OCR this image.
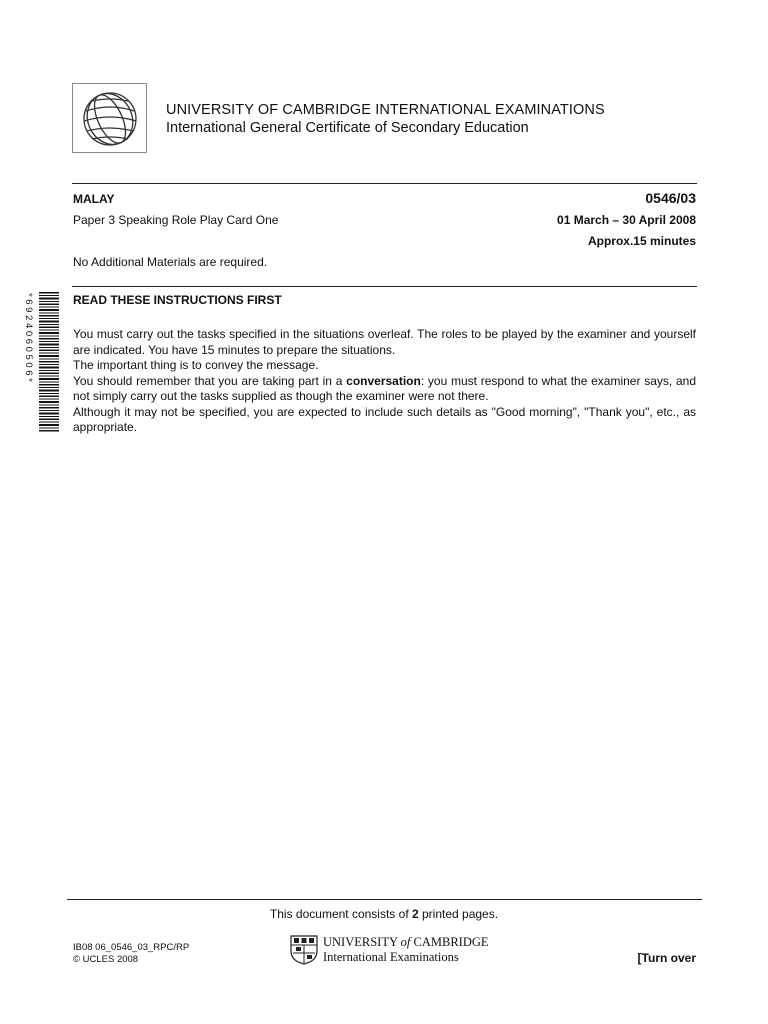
UNIVERSITY OF CAMBRIDGE INTERNATIONAL EXAMINATIONS
International General Certificate of Secondary Education
MALAY	0546/03
Paper 3 Speaking Role Play Card One	01 March – 30 April 2008
Approx.15 minutes
No Additional Materials are required.
*6924060506*	READ THESE INSTRUCTIONS FIRST

You must carry out the tasks specified in the situations overleaf. The roles to be played by the examiner and yourself are indicated. You have 15 minutes to prepare the situations.

The important thing is to convey the message.

You should remember that you are taking part in a conversation: you must respond to what the examiner says, and not simply carry out the tasks supplied as though the examiner were not there.

Although it may not be specified, you are expected to include such details as "Good morning", "Thank you", etc., as appropriate.

This document consists of 2 printed pages.
IB08 06_0546_03_RPC/RP
© UCLES 2008
UNIVERSITY of CAMBRIDGE
International Examinations	[Turn over
